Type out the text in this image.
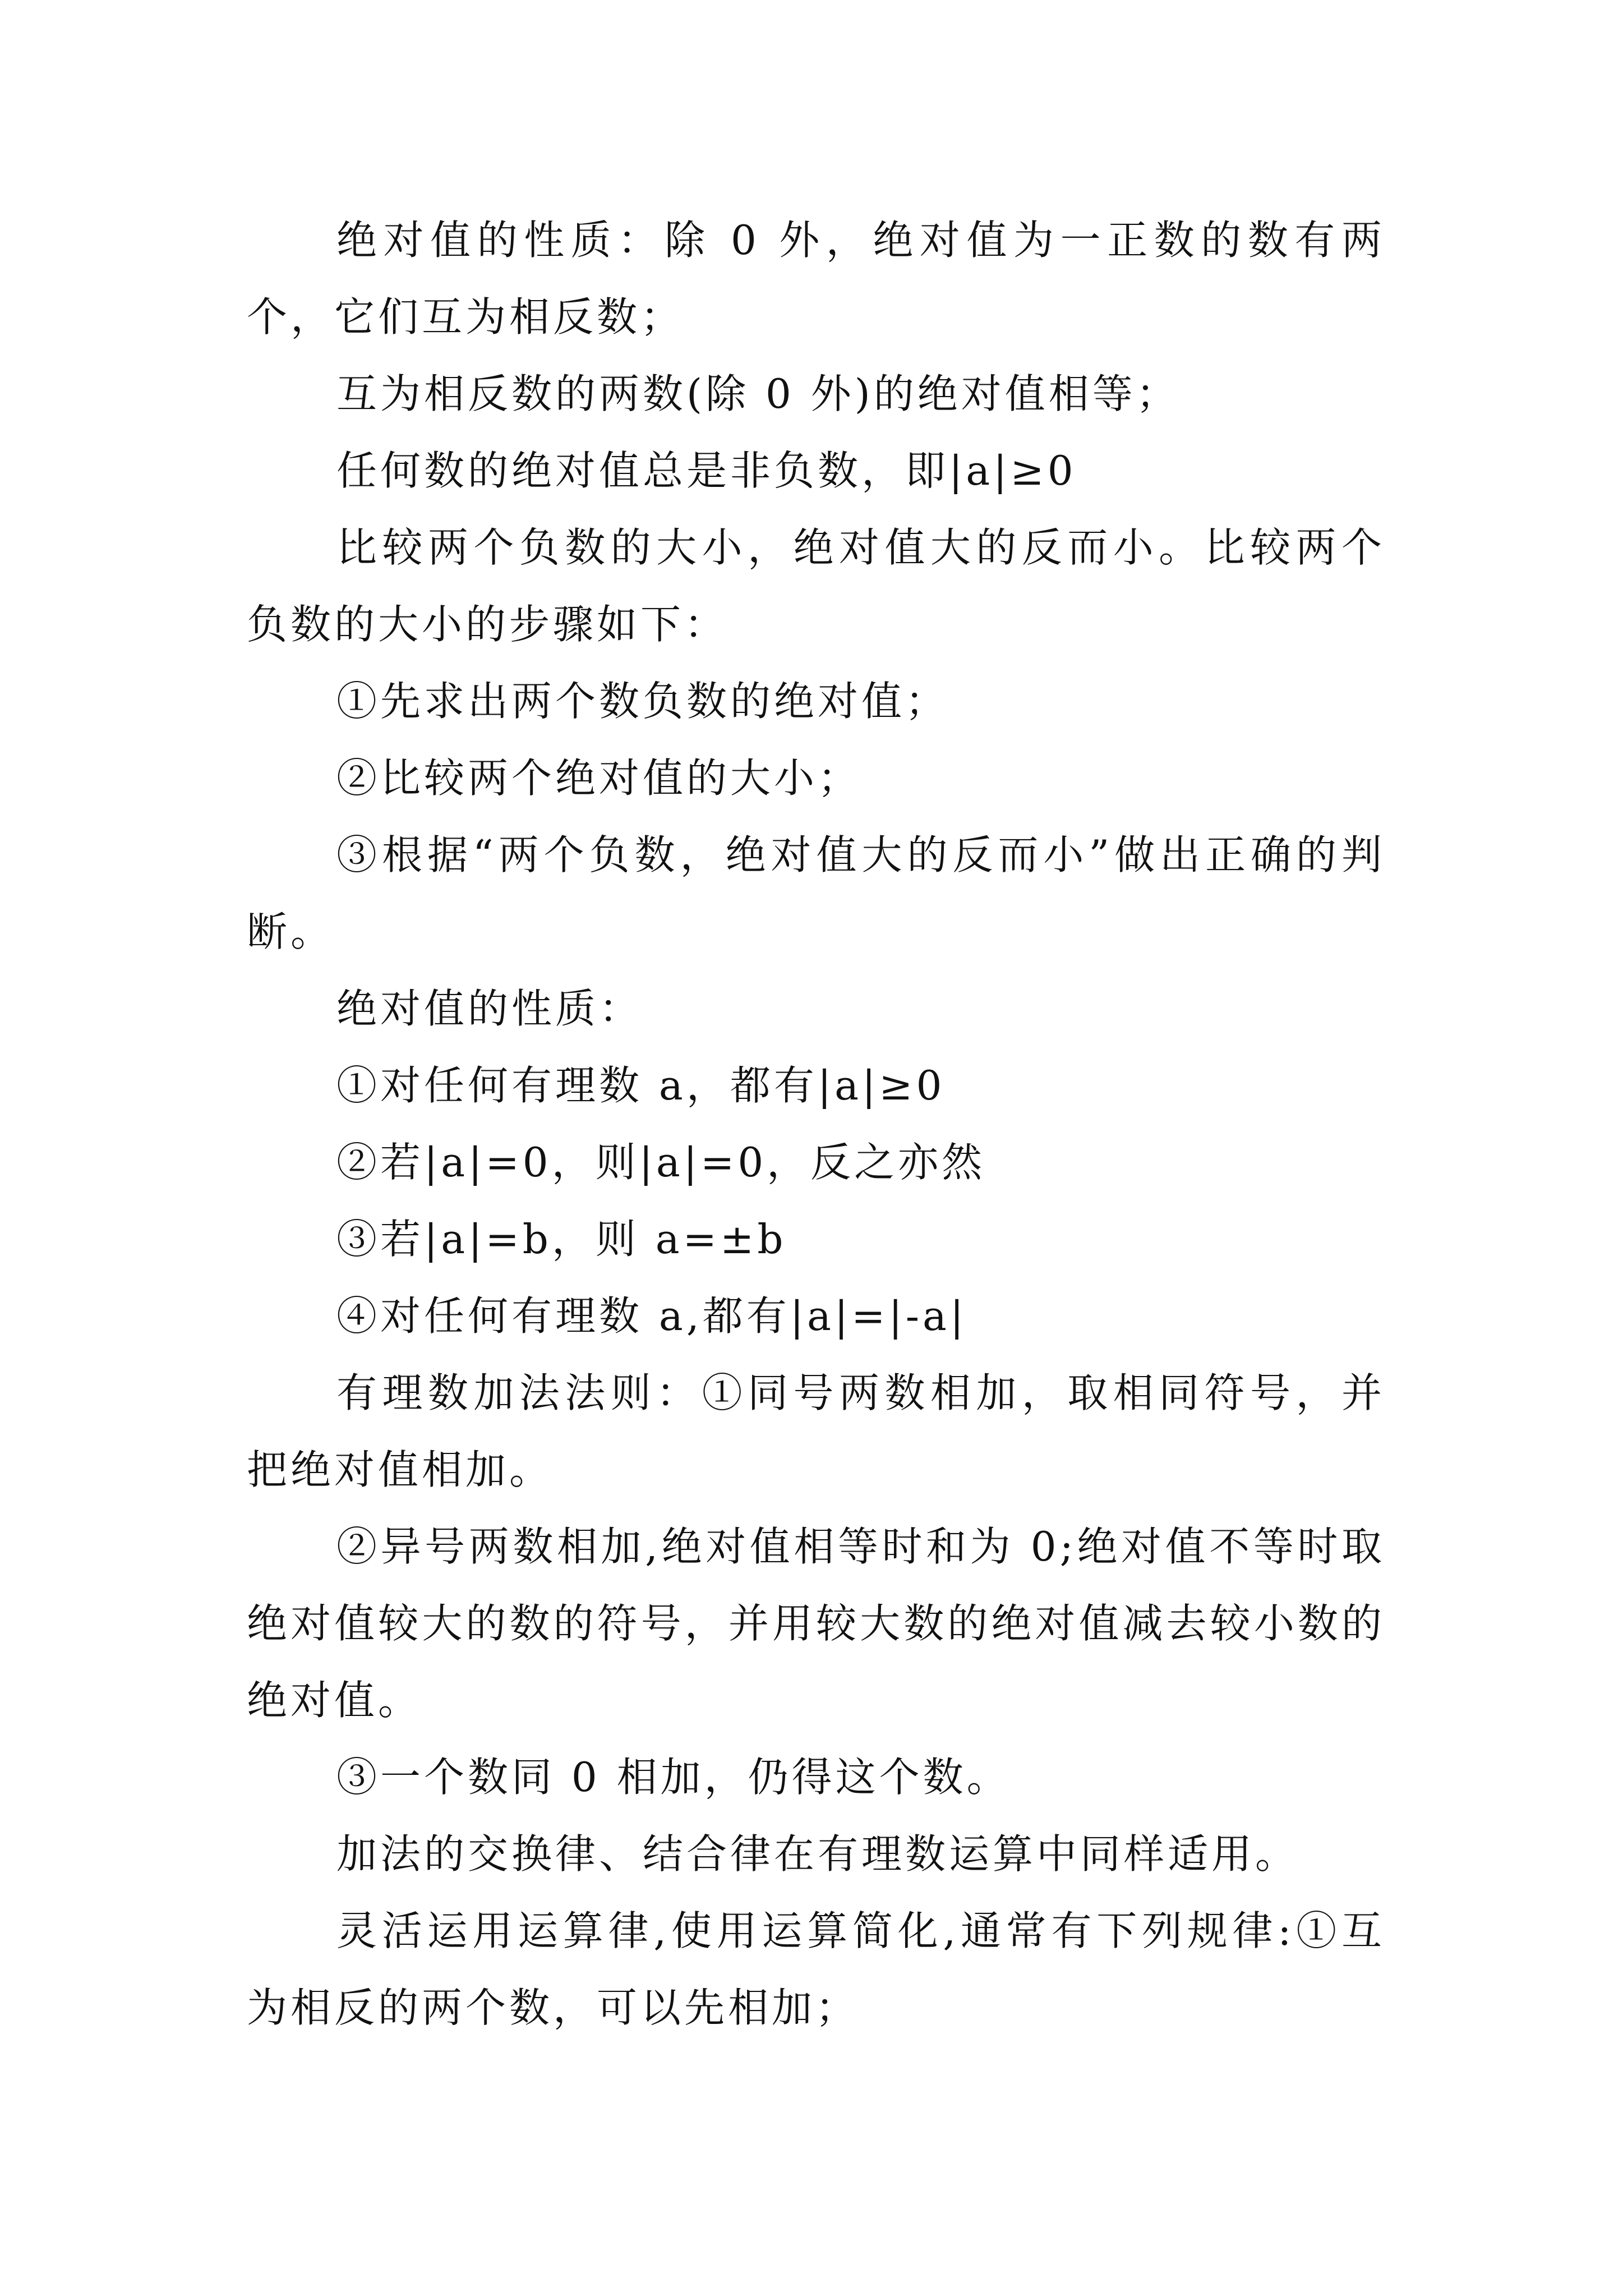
绝对值的性质：除 0 外，绝对值为一正数的数有两个，它们互为相反数；

互为相反数的两数(除 0 外)的绝对值相等；

任何数的绝对值总是非负数，即|a|≥0

比较两个负数的大小，绝对值大的反而小。比较两个负数的大小的步骤如下：

①先求出两个数负数的绝对值；

②比较两个绝对值的大小；

③根据“两个负数，绝对值大的反而小”做出正确的判断。

绝对值的性质：

①对任何有理数 a，都有|a|≥0

②若|a|=0，则|a|=0，反之亦然

③若|a|=b，则 a=±b

④对任何有理数 a,都有|a|=|-a|

有理数加法法则：①同号两数相加，取相同符号，并把绝对值相加。

②异号两数相加,绝对值相等时和为 0;绝对值不等时取绝对值较大的数的符号，并用较大数的绝对值减去较小数的绝对值。

③一个数同 0 相加，仍得这个数。

加法的交换律、结合律在有理数运算中同样适用。

灵活运用运算律,使用运算简化,通常有下列规律:①互为相反的两个数，可以先相加；
